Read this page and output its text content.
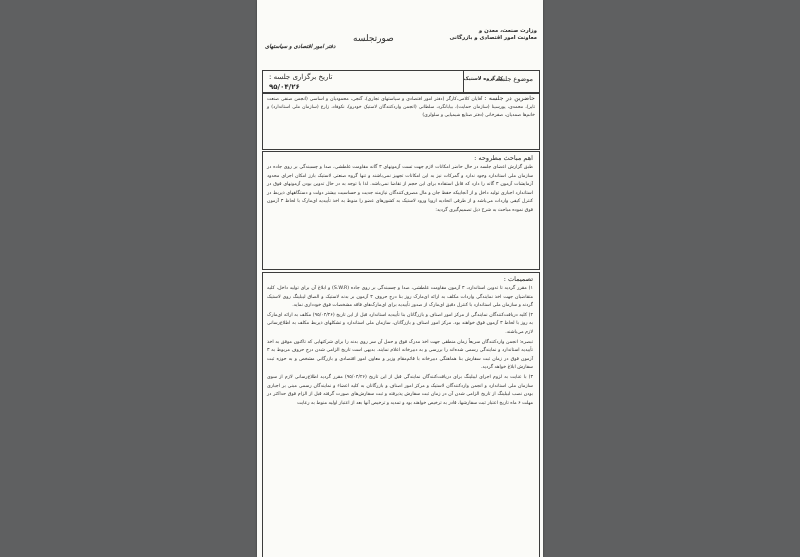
وزارت صنعت، معدن و
معاونت امور اقتصادی و بازرگانی
صورتجلسه
دفتر امور اقتصادی و سیاستهای
موضوع جلسه :
کارگروه لاستیک
تاریخ برگزاری جلسه :
۹۵/۰۴/۲۶
حاضرین در جلسه : آقایان کلامی،کارگر (دفتر امور اقتصادی و سیاستهای تجاری)، گنجی، محمودیان و اساسی (انجمن صنفی صنعت تایر)، محمدی، پورسینا (سازمان حمایت)، بیابانگرد، سلطانی (انجمن واردکنندگان لاستیک خودرو)، نکوقاد، زارع (سازمان ملی استاندارد) و خانم‌ها صمدیان، صفرخانی (دفتر صنایع شیمیایی و سلولزی)
اهم مباحث مطروحه :
طبق گزارش اعضای جلسه در حال حاضر امکانات لازم جهت تست آزمونهای ۳ گانه مقاومت غلطشی، صدا و چسبندگی بر روی جاده در سازمان ملی استاندارد وجود ندارد و گمرکات نیز به این امکانات تجهیز نمی‌باشند و تنها گروه صنعتی لاستیک بارز امکان اجرای محدود آزمایشات آزمون ۳ گانه را دارد که قابل استفاده برای این حجم از تقاضا نمی‌باشد. لذا با توجه به در حال تدوین بودن آزمونهای فوق در استاندارد اجباری تولید داخل و از آنجاییکه حفظ جان و مال مصرف‌کنندگان نیازمند جدیت و حساسیت بیشتر دولت و دستگاههای ذیربط در کنترل کیفی واردات می‌باشد و از طرفی اتحادیه اروپا ورود لاستیک به کشورهای عضو را منوط به اخذ تأییدیه ای‌مارک با لحاظ ۳ آزمون فوق نموده مباحث به شرح ذیل تصمیم‌گیری گردید:
تصمیمات :
۱) مقرر گردید تا تدوین استاندارد، ۳ آزمون مقاومت غلطشی، صدا و چسبندگی بر روی جاده (S.W.R) و ابلاغ آن برای تولید داخل، کلیه متقاضیان جهت اخذ نمایندگی واردات مکلف به ارائه ای‌مارک روز بنا درج حروف ۳ آزمون بر بدنه لاستیک و الصاق لیبلینگ روی لاستیک گردند و سازمان ملی استاندارد با کنترل دقیق ای‌مارک از صدور تأییدیه برای ای‌مارک‌های فاقد مشخصات فوق خودداری نماید.
۲) کلیه دریافت‌کنندگان نمایندگی از مرکز امور اصناف و بازرگانان بنا تأییدیه استاندارد قبل از این تاریخ (۹۵/۰۴/۲۶) مکلف به ارائه ای‌مارک به روز با لحاظ ۳ آزمون فوق خواهند بود. مرکز امور اصناف و بازرگانان، سازمان ملی استاندارد و تشکلهای ذیربط مکلف به اطلاع‌رسانی لازم می‌باشند.
تبصره: انجمن واردکنندگان سریعاً زمان منطقی جهت اخذ مدرک فوق و حمل آن سر روی بدنه را برای شرکتهایی که تاکنون موفق به اخذ تأییدیه استاندارد و نمایندگی رسمی شده‌اند را بررسی و به دبیرخانه اعلام نمایند. بدیهی است تاریخ الزامی شدن درج حروف مربوط به ۳ آزمون فوق در زمان ثبت سفارش بنا هماهنگی دبیرخانه با قائم‌مقام وزیر و معاون امور اقتصادی و بازرگانی مشخص و به حوزه ثبت سفارش ابلاغ خواهد گردید.
۳) با عنایت به لزوم اجرای لیبلینگ برای دریافت‌کنندگان نمایندگی قبل از این تاریخ (۹۵/۰۴/۲۶) مقرر گردید اطلاع‌رسانی لازم از سوی سازمان ملی استاندارد و انجمن واردکنندگان لاستیک و مرکز امور اصناف و بازرگانان به کلیه اعضاء و نمایندگان رسمی مبنی بر اجباری بودن نصب لیبلینگ از تاریخ الزامی شدن آن در زمان ثبت سفارش پذیرفته و ثبت سفارش‌های صورت گرفته قبل از الزام فوق حداکثر در مهلت ۶ ماه تاریخ اعتبار ثبت سفارشها، قادر به ترخیص خواهند بود و تمدید و ترخیص آنها بعد از اعتبار اولیه منوط به رعایت
